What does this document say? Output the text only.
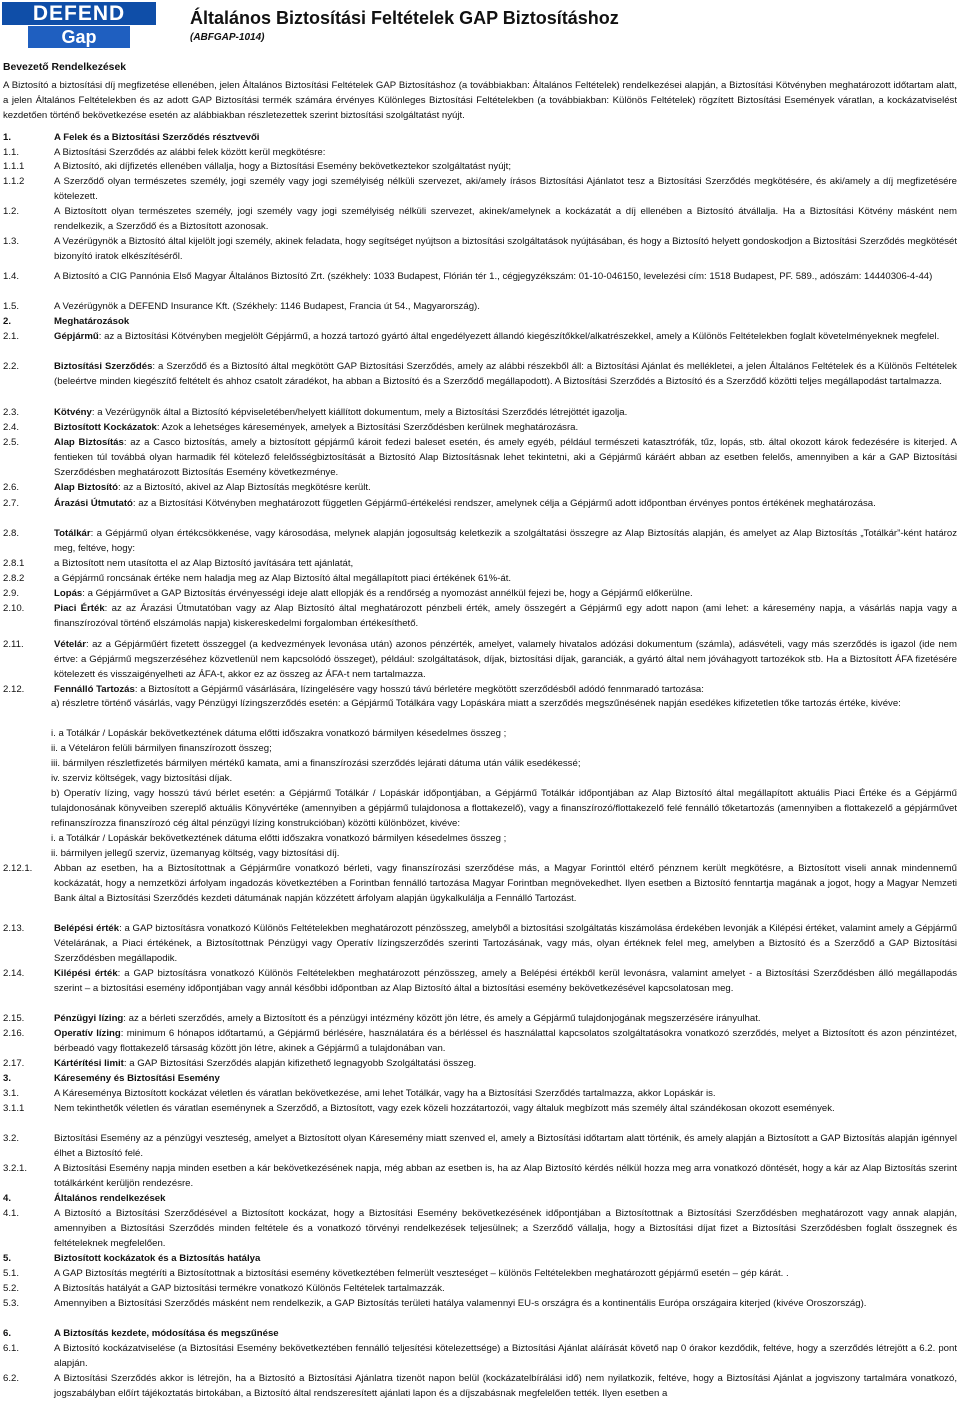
DEFEND
Gap
Általános Biztosítási Feltételek GAP Biztosításhoz
(ABFGAP-1014)
Bevezető Rendelkezések
A Biztosító a biztosítási díj megfizetése ellenében, jelen Általános Biztosítási Feltételek GAP Biztosításhoz (a továbbiakban: Általános Feltételek) rendelkezései alapján, a Biztosítási Kötvényben meghatározott időtartam alatt, a jelen Általános Feltételekben és az adott GAP Biztosítási termék számára érvényes Különleges Biztosítási Feltételekben (a továbbiakban: Különös Feltételek) rögzített Biztosítási Események váratlan, a kockázatviselést kezdetően történő bekövetkezése esetén az alábbiakban részletezettek szerint biztosítási szolgáltatást nyújt.
1.	A Felek és a Biztosítási Szerződés résztvevői
1.1.	A Biztosítási Szerződés az alábbi felek között kerül megkötésre:
1.1.1	A Biztosító, aki díjfizetés ellenében vállalja, hogy a Biztosítási Esemény bekövetkeztekor szolgáltatást nyújt;
1.1.2	A Szerződő olyan természetes személy, jogi személy vagy jogi személyiség nélküli szervezet, aki/amely írásos Biztosítási Ajánlatot tesz a Biztosítási Szerződés megkötésére, és aki/amely a díj megfizetésére kötelezett.
1.2.	A Biztosított olyan természetes személy, jogi személy vagy jogi személyiség nélküli szervezet, akinek/amelynek a kockázatát a díj ellenében a Biztosító átvállalja. Ha a Biztosítási Kötvény másként nem rendelkezik, a Szerződő és a Biztosított azonosak.
1.3.	A Vezérügynök a Biztosító által kijelölt jogi személy, akinek feladata, hogy segítséget nyújtson a biztosítási szolgáltatások nyújtásában, és hogy a Biztosító helyett gondoskodjon a Biztosítási Szerződés megkötését bizonyító iratok elkészítéséről.
1.4.	A Biztosító a CIG Pannónia Első Magyar Általános Biztosító Zrt. (székhely: 1033 Budapest, Flórián tér 1., cégjegyzékszám: 01-10-046150, levelezési cím: 1518 Budapest, PF. 589., adószám: 14440306-4-44)
1.5.	A Vezérügynök a DEFEND Insurance Kft. (Székhely: 1146 Budapest, Francia út 54., Magyarország).
2.	Meghatározások
2.1.	Gépjármű: az a Biztosítási Kötvényben megjelölt Gépjármű, a hozzá tartozó gyártó által engedélyezett állandó kiegészítőkkel/alkatrészekkel, amely a Különös Feltételekben foglalt követelményeknek megfelel.
2.2.	Biztosítási Szerződés: a Szerződő és a Biztosító által megkötött GAP Biztosítási Szerződés, amely az alábbi részekből áll: a Biztosítási Ajánlat és mellékletei, a jelen Általános Feltételek és a Különös Feltételek (beleértve minden kiegészítő feltételt és ahhoz csatolt záradékot, ha abban a Biztosító és a Szerződő megállapodott). A Biztosítási Szerződés a Biztosító és a Szerződő közötti teljes megállapodást tartalmazza.
2.3.	Kötvény: a Vezérügynök által a Biztosító képviseletében/helyett kiállított dokumentum, mely a Biztosítási Szerződés létrejöttét igazolja.
2.4.	Biztosított Kockázatok: Azok a lehetséges káresemények, amelyek a Biztosítási Szerződésben kerülnek meghatározásra.
2.5.	Alap Biztosítás: az a Casco biztosítás, amely a biztosított gépjármű károit fedezi baleset esetén, és amely egyéb, például természeti katasztrófák, tűz, lopás, stb. által okozott károk fedezésére is kiterjed. A fentieken túl továbbá olyan harmadik fél kötelező felelősségbiztosítását a Biztosító Alap Biztosításnak lehet tekintetni, aki a Gépjármű káráért abban az esetben felelős, amennyiben a kár a GAP Biztosítási Szerződésben meghatározott Biztosítás Esemény következménye.
2.6.	Alap Biztosító: az a Biztosító, akivel az Alap Biztosítás megkötésre került.
2.7.	Árazási Útmutató: az a Biztosítási Kötvényben meghatározott független Gépjármű-értékelési rendszer, amelynek célja a Gépjármű adott időpontban érvényes pontos értékének meghatározása.
2.8.	Totálkár: a Gépjármű olyan értékcsökkenése, vagy károsodása, melynek alapján jogosultság keletkezik a szolgáltatási összegre az Alap Biztosítás alapján, és amelyet az Alap Biztosítás „Totálkár”-ként határoz meg, feltéve, hogy:
2.8.1	a Biztosított nem utasította el az Alap Biztosító javítására tett ajánlatát,
2.8.2	a Gépjármű roncsának értéke nem haladja meg az Alap Biztosító által megállapított piaci értékének 61%-át.
2.9.	Lopás: a Gépjárművet a GAP Biztosítás érvényességi ideje alatt ellopják és a rendőrség a nyomozást annélkül fejezi be, hogy a Gépjármű előkerülne.
2.10.	Piaci Érték: az az Árazási Útmutatóban vagy az Alap Biztosító által meghatározott pénzbeli érték, amely összegért a Gépjármű egy adott napon (ami lehet: a káresemény napja, a vásárlás napja vagy a finanszírozóval történő elszámolás napja) kiskereskedelmi forgalomban értékesíthető.
2.11.	Vételár: az a Gépjárműért fizetett összeggel (a kedvezmények levonása után) azonos pénzérték, amelyet, valamely hivatalos adózási dokumentum (számla), adásvételi, vagy más szerződés is igazol (ide nem értve: a Gépjármű megszerzéséhez közvetlenül nem kapcsolódó összeget), például: szolgáltatások, díjak, biztosítási díjak, garanciák, a gyártó által nem jóváhagyott tartozékok stb. Ha a Biztosított ÁFA fizetésére kötelezett és visszaigényelheti az ÁFA-t, akkor ez az összeg az ÁFA-t nem tartalmazza.
2.12.	Fennálló Tartozás: a Biztosított a Gépjármű vásárlására, lízingelésére vagy hosszú távú bérletére megkötött szerződésből adódó fennmaradó tartozása:
a) részletre történő vásárlás, vagy Pénzügyi lízingszerződés esetén: a Gépjármű Totálkára vagy Lopáskára miatt a szerződés megszűnésének napján esedékes kifizetetlen tőke tartozás értéke, kivéve:
i. a Totálkár / Lopáskár bekövetkeztének dátuma előtti időszakra vonatkozó bármilyen késedelmes összeg ;
ii. a Vételáron felüli bármilyen finanszírozott összeg;
iii. bármilyen részletfizetés bármilyen mértékű kamata, ami a finanszírozási szerződés lejárati dátuma után válik esedékessé;
iv. szerviz költségek, vagy biztosítási díjak.
b) Operatív lízing, vagy hosszú távú bérlet esetén: a Gépjármű Totálkár / Lopáskár időpontjában, a Gépjármű Totálkár időpontjában az Alap Biztosító által megállapított aktuális Piaci Értéke és a Gépjármű tulajdonosának könyveiben szereplő aktuális Könyvértéke (amennyiben a gépjármű tulajdonosa a flottakezelő), vagy a finanszírozó/flottakezelő felé fennálló tőketartozás (amennyiben a flottakezelő a gépjárművet refinanszírozza finanszírozó cég által pénzügyi lízing konstrukcióban) közötti különbözet, kivéve:
i. a Totálkár / Lopáskár bekövetkeztének dátuma előtti időszakra vonatkozó bármilyen késedelmes összeg ;
ii. bármilyen jellegű szerviz, üzemanyag költség, vagy biztosítási díj.
2.12.1. Abban az esetben, ha a Biztosítottnak a Gépjárműre vonatkozó bérleti, vagy finanszírozási szerződése más, a Magyar Forinttól eltérő pénznem került megkötésre, a Biztosított viseli annak mindennemű kockázatát, hogy a nemzetközi árfolyam ingadozás következtében a Forintban fennálló tartozása Magyar Forintban megnövekedhet. Ilyen esetben a Biztosító fenntartja magának a jogot, hogy a Magyar Nemzeti Bank által a Biztosítási Szerződés kezdeti dátumának napján közzétett árfolyam alapján ügykalkulálja a Fennálló Tartozást.
2.13.	Belépési érték: a GAP biztosításra vonatkozó Különös Feltételekben meghatározott pénzösszeg, amelyből a biztosítási szolgáltatás kiszámolása érdekében levonják a Kilépési értéket, valamint amely a Gépjármű Vételárának, a Piaci értékének, a Biztosítottnak Pénzügyi vagy Operatív lízingszerződés szerinti Tartozásának, vagy más, olyan értéknek felel meg, amelyben a Biztosító és a Szerződő a GAP Biztosítási Szerződésben megállapodik.
2.14.	Kilépési érték: a GAP biztosításra vonatkozó Különös Feltételekben meghatározott pénzösszeg, amely a Belépési értékből kerül levonásra, valamint amelyet - a Biztosítási Szerződésben álló megállapodás szerint – a biztosítási esemény időpontjában vagy annál későbbi időpontban az Alap Biztosító által a biztosítási esemény bekövetkezésével kapcsolatosan meg.
2.15.	Pénzügyi lízing: az a bérleti szerződés, amely a Biztosított és a pénzügyi intézmény között jön létre, és amely a Gépjármű tulajdonjogának megszerzésére irányulhat.
2.16.	Operatív lízing: minimum 6 hónapos időtartamú, a Gépjármű bérlésére, használatára és a bérléssel és használattal kapcsolatos szolgáltatásokra vonatkozó szerződés, melyet a Biztosított és azon pénzintézet, bérbeadó vagy flottakezelő társaság között jön létre, akinek a Gépjármű a tulajdonában van.
2.17.	Kártérítési limit: a GAP Biztosítási Szerződés alapján kifizethető legnagyobb Szolgáltatási összeg.
3.	Káresemény és Biztosítási Esemény
3.1.	A Káreseménya Biztosított kockázat véletlen és váratlan bekövetkezése, ami lehet Totálkár, vagy ha a Biztosítási Szerződés tartalmazza, akkor Lopáskár is.
3.1.1	Nem tekinthetők véletlen és váratlan eseménynek a Szerződő, a Biztosított, vagy ezek közeli hozzátartozói, vagy általuk megbízott más személy által szándékosan okozott események.
3.2.	Biztosítási Esemény az a pénzügyi veszteség, amelyet a Biztosított olyan Káresemény miatt szenved el, amely a Biztosítási időtartam alatt történik, és amely alapján a Biztosított a GAP Biztosítás alapján igénnyel élhet a Biztosító felé.
3.2.1.	A Biztosítási Esemény napja minden esetben a kár bekövetkezésének napja, még abban az esetben is, ha az Alap Biztosító kérdés nélkül hozza meg arra vonatkozó döntését, hogy a kár az Alap Biztosítás szerint totálkárként kerüljön rendezésre.
4.	Általános rendelkezések
4.1.	A Biztosító a Biztosítási Szerződésével a Biztosított kockázat, hogy a Biztosítási Esemény bekövetkezésének időpontjában a Biztosítottnak a Biztosítási Szerződésben meghatározott vagy annak alapján, amennyiben a Biztosítási Szerződés minden feltétele és a vonatkozó törvényi rendelkezések teljesülnek; a Szerződő vállalja, hogy a Biztosítási díjat fizet a Biztosítási Szerződésben foglalt összegnek és feltételeknek megfelelően.
5.	Biztosított kockázatok és a Biztosítás hatálya
5.1.	A GAP Biztosítás megtéríti a Biztosítottnak a biztosítási esemény következtében felmerült veszteséget – különös Feltételekben meghatározott gépjármű esetén – gép kárát. .
5.2.	A Biztosítás hatályát a GAP biztosítási termékre vonatkozó Különös Feltételek tartalmazzák.
5.3.	Amennyiben a Biztosítási Szerződés másként nem rendelkezik, a GAP Biztosítás területi hatálya valamennyi EU-s országra és a kontinentális Európa országaira kiterjed (kivéve Oroszország).
6.	A Biztosítás kezdete, módosítása és megszűnése
6.1.	A Biztosító kockázatviselése (a Biztosítási Esemény bekövetkeztében fennálló teljesítési kötelezettsége) a Biztosítási Ajánlat aláírását követő nap 0 órakor kezdődik, feltéve, hogy a szerződés létrejött a 6.2. pont alapján.
6.2.	A Biztosítási Szerződés akkor is létrejön, ha a Biztosító a Biztosítási Ajánlatra tizenöt napon belül (kockázatelbírálási idő) nem nyilatkozik, feltéve, hogy a Biztosítási Ajánlat a jogviszony tartalmára vonatkozó, jogszabályban előírt tájékoztatás birtokában, a Biztosító által rendszeresített ajánlati lapon és a díjszabásnak megfelelően tették. Ilyen esetben a
